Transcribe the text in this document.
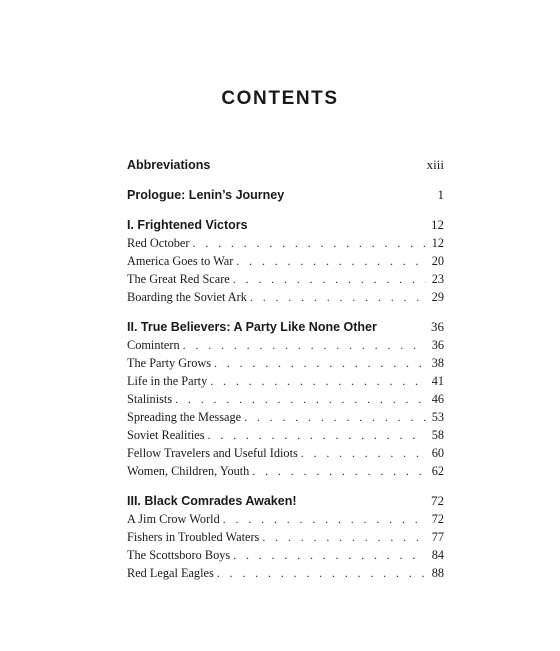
CONTENTS
Abbreviations	xiii
Prologue: Lenin’s Journey	1
I. Frightened Victors	12
Red October . . .	12
America Goes to War . . .	20
The Great Red Scare . . .	23
Boarding the Soviet Ark . . .	29
II. True Believers: A Party Like None Other	36
Comintern . . .	36
The Party Grows . . .	38
Life in the Party . . .	41
Stalinists . . .	46
Spreading the Message . . .	53
Soviet Realities . . .	58
Fellow Travelers and Useful Idiots . . .	60
Women, Children, Youth . . .	62
III. Black Comrades Awaken!	72
A Jim Crow World . . .	72
Fishers in Troubled Waters . . .	77
The Scottsboro Boys . . .	84
Red Legal Eagles . . .	88
